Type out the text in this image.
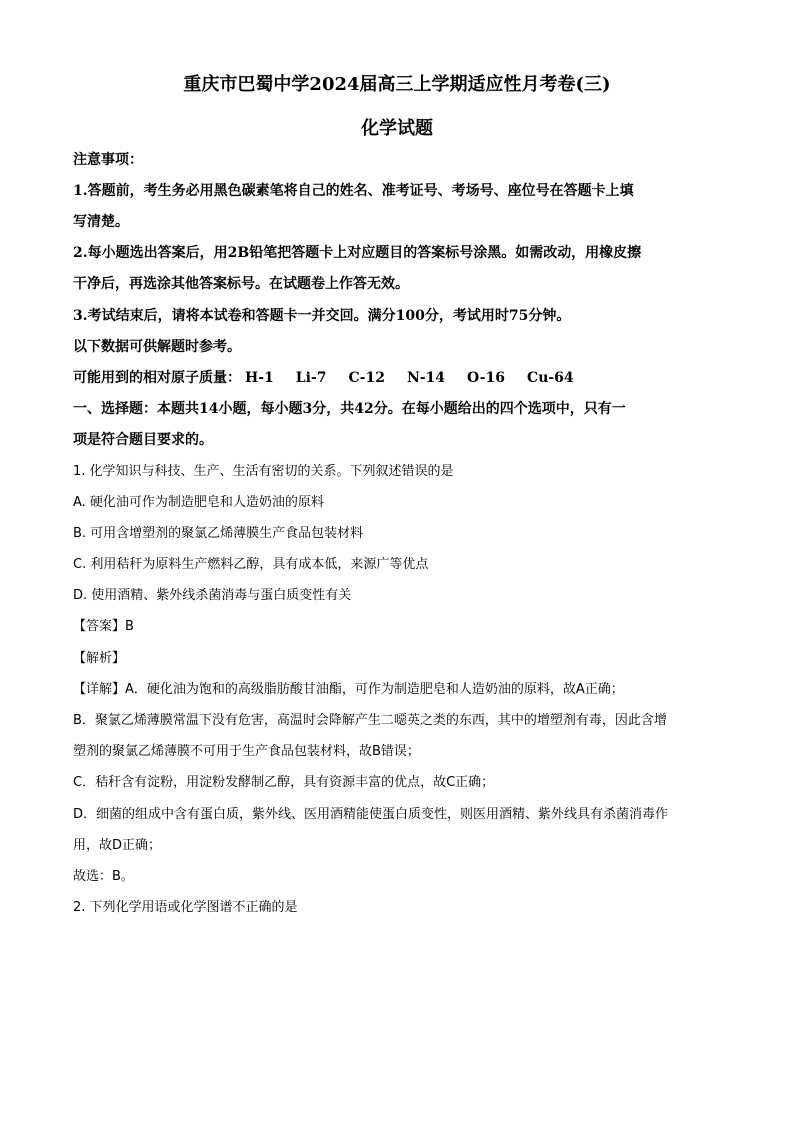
重庆市巴蜀中学2024届高三上学期适应性月考卷(三)
化学试题
注意事项：
1.答题前，考生务必用黑色碳素笔将自己的姓名、准考证号、考场号、座位号在答题卡上填
写清楚。
2.每小题选出答案后，用2B铅笔把答题卡上对应题目的答案标号涂黑。如需改动，用橡皮擦
干净后，再选涂其他答案标号。在试题卷上作答无效。
3.考试结束后，请将本试卷和答题卡一并交回。满分100分，考试用时75分钟。
以下数据可供解题时参考。
可能用到的相对原子质量： H-1 Li-7 C-12 N-14 O-16 Cu-64
一、选择题：本题共14小题，每小题3分，共42分。在每小题给出的四个选项中，只有一
项是符合题目要求的。
1. 化学知识与科技、生产、生活有密切的关系。下列叙述错误的是
A. 硬化油可作为制造肥皂和人造奶油的原料
B. 可用含增塑剂的聚氯乙烯薄膜生产食品包装材料
C. 利用秸秆为原料生产燃料乙醇，具有成本低，来源广等优点
D. 使用酒精、紫外线杀菌消毒与蛋白质变性有关
【答案】B
【解析】
【详解】A．硬化油为饱和的高级脂肪酸甘油酯，可作为制造肥皂和人造奶油的原料，故A正确；
B．聚氯乙烯薄膜常温下没有危害，高温时会降解产生二噁英之类的东西，其中的增塑剂有毒，因此含增
塑剂的聚氯乙烯薄膜不可用于生产食品包装材料，故B错误；
C．秸秆含有淀粉，用淀粉发酵制乙醇，具有资源丰富的优点，故C正确；
D．细菌的组成中含有蛋白质，紫外线、医用酒精能使蛋白质变性，则医用酒精、紫外线具有杀菌消毒作
用，故D正确；
故选：B。
2. 下列化学用语或化学图谱不正确的是
